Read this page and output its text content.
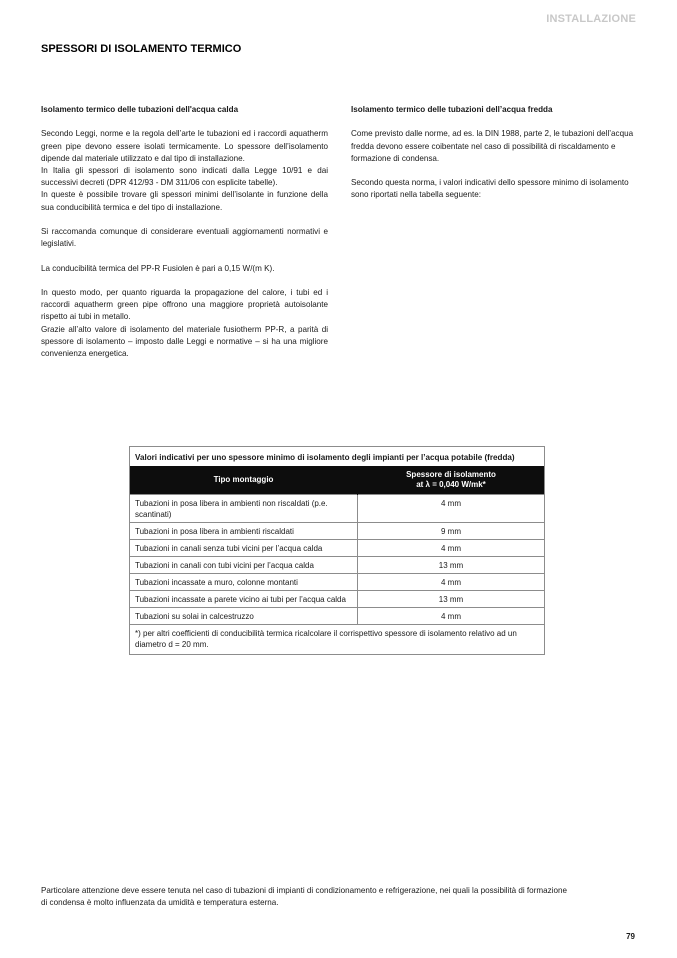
INSTALLAZIONE
SPESSORI DI ISOLAMENTO TERMICO
Isolamento termico delle tubazioni dell'acqua calda

Secondo Leggi, norme e la regola dell’arte le tubazioni ed i raccordi aquatherm green pipe devono essere isolati termicamente. Lo spessore dell’isolamento dipende dal materiale utilizzato e dal tipo di installazione.
In Italia gli spessori di isolamento sono indicati dalla Legge 10/91 e dai successivi decreti (DPR 412/93 - DM 311/06 con esplicite tabelle).
In queste è possibile trovare gli spessori minimi dell’isolante in funzione della sua conducibilità termica e del tipo di installazione.

Si raccomanda comunque di considerare eventuali aggiornamenti normativi e legislativi.

La conducibilità termica del PP-R Fusiolen è pari a 0,15 W/(m K).

In questo modo, per quanto riguarda la propagazione del calore, i tubi ed i raccordi aquatherm green pipe offrono una maggiore proprietà autoisolante rispetto ai tubi in metallo.
Grazie all’alto valore di isolamento del materiale fusiotherm PP-R, a parità di spessore di isolamento – imposto dalle Leggi e normative – si ha una migliore convenienza energetica.

Isolamento termico delle tubazioni dell’acqua fredda

Come previsto dalle norme, ad es. la DIN 1988, parte 2, le tubazioni dell’acqua fredda devono essere coibentate nel caso di possibilità di riscaldamento e formazione di condensa.

Secondo questa norma, i valori indicativi dello spessore minimo di isolamento sono riportati nella tabella seguente:

Valori indicativi per uno spessore minimo di isolamento degli impianti per l’acqua potabile (fredda)
Tipo montaggio	Spessore di isolamento
at λ = 0,040 W/mk*
Tubazioni in posa libera in ambienti non riscaldati (p.e. scantinati)	4 mm
Tubazioni in posa libera in ambienti riscaldati	9 mm
Tubazioni in canali senza tubi vicini per l’acqua calda	4 mm
Tubazioni in canali con tubi vicini per l’acqua calda	13 mm
Tubazioni incassate a muro, colonne montanti	4 mm
Tubazioni incassate a parete vicino ai tubi per l’acqua calda	13 mm
Tubazioni su solai in calcestruzzo	4 mm
*) per altri coefficienti di conducibilità termica ricalcolare il corrispettivo spessore di isolamento relativo ad un diametro d = 20 mm.	
Particolare attenzione deve essere tenuta nel caso di tubazioni di impianti di condizionamento e refrigerazione, nei quali la possibilità di formazione di condensa è molto influenzata da umidità e temperatura esterna.
79
